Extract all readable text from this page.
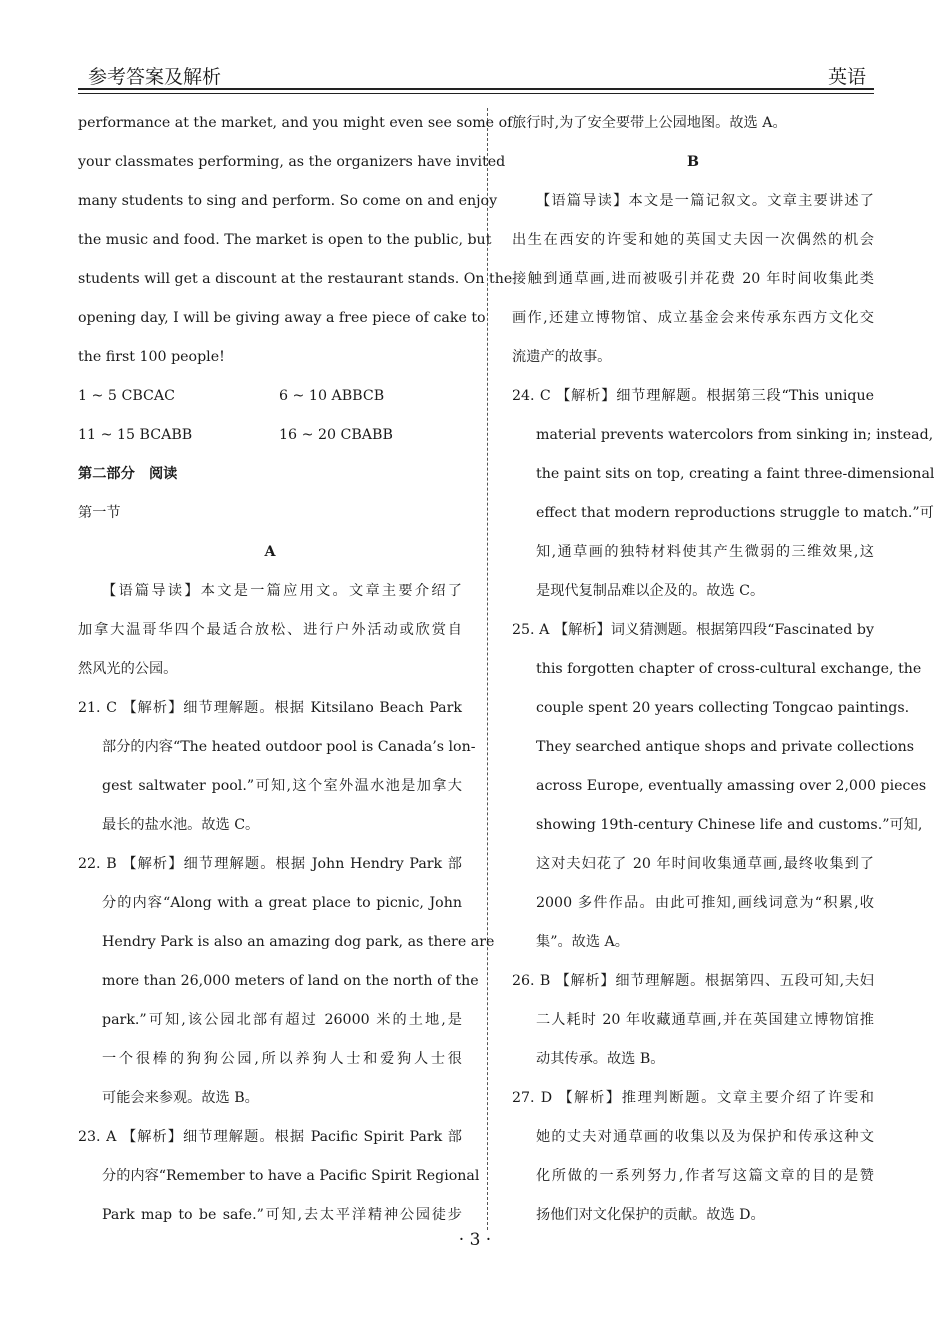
参考答案及解析	英语
performance at the market, and you might even see some of
your classmates performing, as the organizers have invited
many students to sing and perform. So come on and enjoy
the music and food. The market is open to the public, but
students will get a discount at the restaurant stands. On the
opening day, I will be giving away a free piece of cake to
the first 100 people!
1 ~ 5 CBCAC	6 ~ 10 ABBCB
11 ~ 15 BCABB	16 ~ 20 CBABB
第二部分　阅读
第一节
A
【语篇导读】本文是一篇应用文。文章主要介绍了
加拿大温哥华四个最适合放松、进行户外活动或欣赏自
然风光的公园。
21. C 【解析】细节理解题。根据 Kitsilano Beach Park
部分的内容“The heated outdoor pool is Canada’s lon-
gest saltwater pool.”可知,这个室外温水池是加拿大
最长的盐水池。故选 C。
22. B 【解析】细节理解题。根据 John Hendry Park 部
分的内容“Along with a great place to picnic, John
Hendry Park is also an amazing dog park, as there are
more than 26,000 meters of land on the north of the
park.”可知,该公园北部有超过 26000 米的土地,是
一个很棒的狗狗公园,所以养狗人士和爱狗人士很
可能会来参观。故选 B。
23. A 【解析】细节理解题。根据 Pacific Spirit Park 部
分的内容“Remember to have a Pacific Spirit Regional
Park map to be safe.”可知,去太平洋精神公园徒步
旅行时,为了安全要带上公园地图。故选 A。
B
【语篇导读】本文是一篇记叙文。文章主要讲述了
出生在西安的许雯和她的英国丈夫因一次偶然的机会
接触到通草画,进而被吸引并花费 20 年时间收集此类
画作,还建立博物馆、成立基金会来传承东西方文化交
流遗产的故事。
24. C 【解析】细节理解题。根据第三段“This unique
material prevents watercolors from sinking in; instead,
the paint sits on top, creating a faint three-dimensional
effect that modern reproductions struggle to match.”可
知,通草画的独特材料使其产生微弱的三维效果,这
是现代复制品难以企及的。故选 C。
25. A 【解析】词义猜测题。根据第四段“Fascinated by
this forgotten chapter of cross-cultural exchange, the
couple spent 20 years collecting Tongcao paintings.
They searched antique shops and private collections
across Europe, eventually amassing over 2,000 pieces
showing 19th-century Chinese life and customs.”可知,
这对夫妇花了 20 年时间收集通草画,最终收集到了
2000 多件作品。由此可推知,画线词意为“积累,收
集”。故选 A。
26. B 【解析】细节理解题。根据第四、五段可知,夫妇
二人耗时 20 年收藏通草画,并在英国建立博物馆推
动其传承。故选 B。
27. D 【解析】推理判断题。文章主要介绍了许雯和
她的丈夫对通草画的收集以及为保护和传承这种文
化所做的一系列努力,作者写这篇文章的目的是赞
扬他们对文化保护的贡献。故选 D。
· 3 ·
